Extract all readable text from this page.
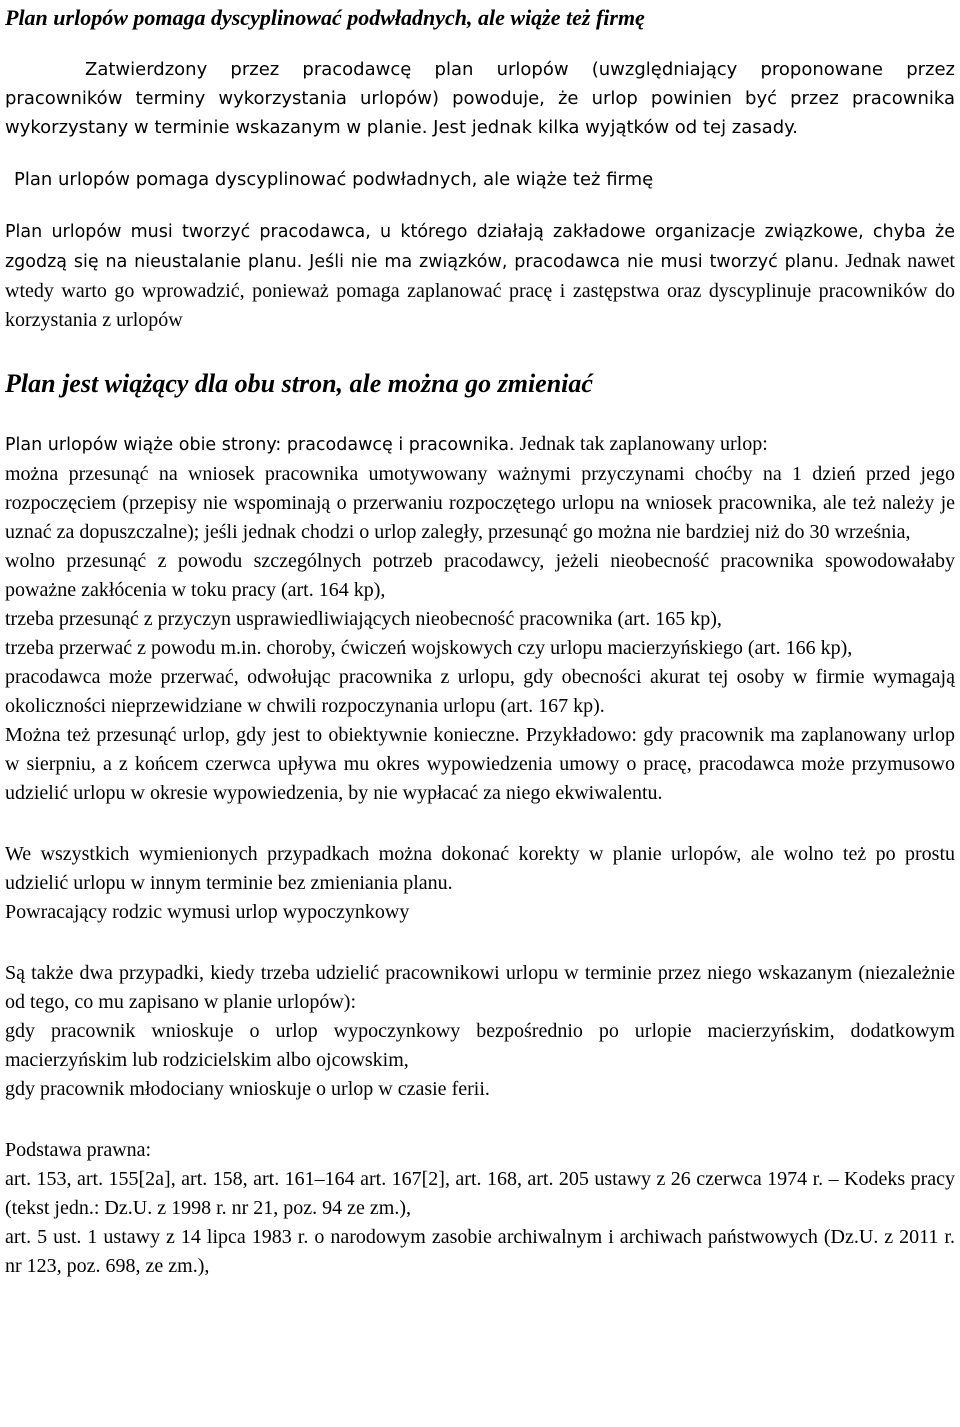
Plan urlopów pomaga dyscyplinować podwładnych, ale wiąże też firmę

Zatwierdzony przez pracodawcę plan urlopów (uwzględniający proponowane przez pracowników terminy wykorzystania urlopów) powoduje, że urlop powinien być przez pracownika wykorzystany w terminie wskazanym w planie. Jest jednak kilka wyjątków od tej zasady.

Plan urlopów pomaga dyscyplinować podwładnych, ale wiąże też firmę

Plan urlopów musi tworzyć pracodawca, u którego działają zakładowe organizacje związkowe, chyba że zgodzą się na nieustalanie planu. Jeśli nie ma związków, pracodawca nie musi tworzyć planu. Jednak nawet wtedy warto go wprowadzić, ponieważ pomaga zaplanować pracę i zastępstwa oraz dyscyplinuje pracowników do korzystania z urlopów

Plan jest wiążący dla obu stron, ale można go zmieniać

Plan urlopów wiąże obie strony: pracodawcę i pracownika. Jednak tak zaplanowany urlop:

można przesunąć na wniosek pracownika umotywowany ważnymi przyczynami choćby na 1 dzień przed jego rozpoczęciem (przepisy nie wspominają o przerwaniu rozpoczętego urlopu na wniosek pracownika, ale też należy je uznać za dopuszczalne); jeśli jednak chodzi o urlop zaległy, przesunąć go można nie bardziej niż do 30 września,

wolno przesunąć z powodu szczególnych potrzeb pracodawcy, jeżeli nieobecność pracownika spowodowałaby poważne zakłócenia w toku pracy (art. 164 kp),

trzeba przesunąć z przyczyn usprawiedliwiających nieobecność pracownika (art. 165 kp),

trzeba przerwać z powodu m.in. choroby, ćwiczeń wojskowych czy urlopu macierzyńskiego (art. 166 kp),

pracodawca może przerwać, odwołując pracownika z urlopu, gdy obecności akurat tej osoby w firmie wymagają okoliczności nieprzewidziane w chwili rozpoczynania urlopu (art. 167 kp).

Można też przesunąć urlop, gdy jest to obiektywnie konieczne. Przykładowo: gdy pracownik ma zaplanowany urlop w sierpniu, a z końcem czerwca upływa mu okres wypowiedzenia umowy o pracę, pracodawca może przymusowo udzielić urlopu w okresie wypowiedzenia, by nie wypłacać za niego ekwiwalentu.

We wszystkich wymienionych przypadkach można dokonać korekty w planie urlopów, ale wolno też po prostu udzielić urlopu w innym terminie bez zmieniania planu.

Powracający rodzic wymusi urlop wypoczynkowy

Są także dwa przypadki, kiedy trzeba udzielić pracownikowi urlopu w terminie przez niego wskazanym (niezależnie od tego, co mu zapisano w planie urlopów):

gdy pracownik wnioskuje o urlop wypoczynkowy bezpośrednio po urlopie macierzyńskim, dodatkowym macierzyńskim lub rodzicielskim albo ojcowskim,

gdy pracownik młodociany wnioskuje o urlop w czasie ferii.

Podstawa prawna:

art. 153, art. 155[2a], art. 158, art. 161–164 art. 167[2], art. 168, art. 205 ustawy z 26 czerwca 1974 r. – Kodeks pracy (tekst jedn.: Dz.U. z 1998 r. nr 21, poz. 94 ze zm.),

art. 5 ust. 1 ustawy z 14 lipca 1983 r. o narodowym zasobie archiwalnym i archiwach państwowych (Dz.U. z 2011 r. nr 123, poz. 698, ze zm.),
